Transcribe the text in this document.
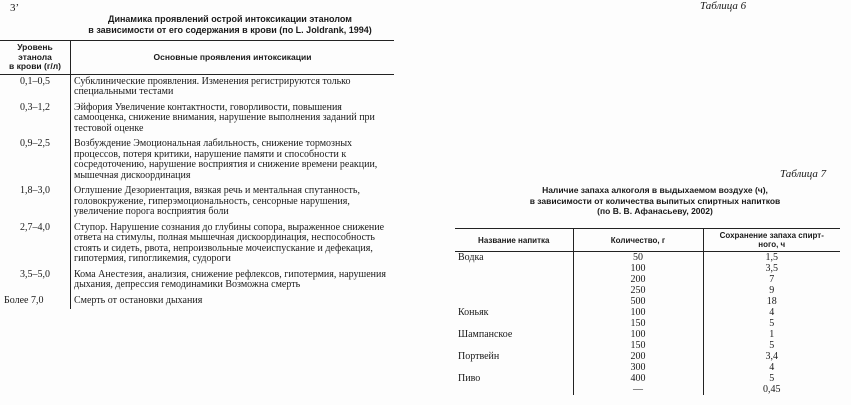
3ʼ	Таблица 6
Динамика проявлений острой интоксикации этанолом
в зависимости от его содержания в крови (по L. Joldrank, 1994)
Уровень этанола
в крови (г/л)	Основные проявления интоксикации
0,1–0,5	Субклинические проявления. Изменения регистрируются только специальными тестами
0,3–1,2	Эйфория Увеличение контактности, говорливости, повышения самооценка, снижение внимания, нарушение выполнения заданий при тестовой оценке
0,9–2,5	Возбуждение Эмоциональная лабильность, снижение тормозных процессов, потеря критики, нарушение памяти и способности к сосредоточению, нарушение восприятия и снижение времени реакции, мышечная дискоординация
1,8–3,0	Оглушение Дезориентация, вязкая речь и ментальная спутанность, головокружение, гиперэмоциональность, сенсорные нарушения, увеличение порога восприятия боли
2,7–4,0	Ступор. Нарушение сознания до глубины сопора, выраженное снижение ответа на стимулы, полная мышечная дискоординация, неспособность стоять и сидеть, рвота, непроизвольные мочеиспускание и дефекация, гипотермия, гипогликемия, судороги
3,5–5,0	Кома Анестезия, анализия, снижение рефлексов, гипотермия, нарушения дыхания, депрессия гемодинамики Возможна смерть
Более 7,0	Смерть от остановки дыхания
Таблица 7
Наличие запаха алкоголя в выдыхаемом воздухе (ч),
в зависимости от количества выпитых спиртных напитков
(по В. В. Афанасьеву, 2002)
Название напитка	Количество, г	Сохранение запаха спирт-
ного, ч

Водка	50	1,5
	100	3,5
	200	7
	250	9
	500	18
Коньяк	100	4
	150	5
Шампанское	100	1
	150	5
Портвейн	200	3,4
	300	4
Пиво	400	5
	—	0,45
